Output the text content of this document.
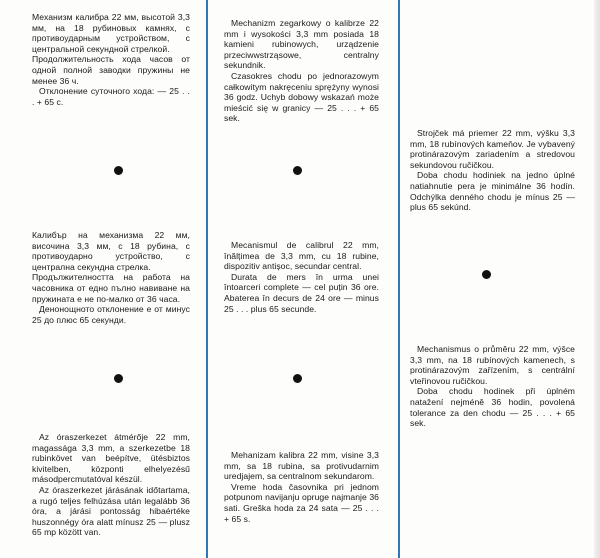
Механизм калибра 22 мм, высотой 3,3 мм, на 18 рубиновых камнях, с противоударным устройством, с центральной секундной стрелкой.

Продолжительность хода часов от одной полной заводки пружины не менее 36 ч.

Отклонение суточного хода: — 25 . . . + 65 с.

Калибър на механизма 22 мм, височина 3,3 мм, с 18 рубина, с противоударно устройство, с централна секундна стрелка.

Продължителността на работа на часовника от едно пълно навиване на пружината е не по-малко от 36 часа.

Денонощното отклонение е от минус 25 до плюс 65 секунди.

Az óraszerkezet átmérője 22 mm, magassága 3,3 mm, a szerkezetbe 18 rubinkövet van beépítve, ütésbiztos kivitelben, központi elhelyezésű másodpercmutatóval készül.

Az óraszerkezet járásának időtartama, a rugó teljes felhúzása után legalább 36 óra, a járási pontosság hibaértéke huszonnégy óra alatt mínusz 25 — plusz 65 mp között van.

Mechanizm zegarkowy o kalibrze 22 mm i wysokości 3,3 mm posiada 18 kamieni rubinowych, urządzenie przeciwwstrząsowe, centralny sekundnik.

Czasokres chodu po jednorazowym całkowitym nakręceniu sprężyny wynosi 36 godz. Uchyb dobowy wskazań może mieścić się w granicy — 25 . . . + 65 sek.

Mecanismul de calibrul 22 mm, înălțimea de 3,3 mm, cu 18 rubine, dispozitiv antișoc, secundar central.

Durata de mers în urma unei întoarceri complete — cel puțin 36 ore. Abaterea în decurs de 24 ore — minus 25 . . . plus 65 secunde.

Mehanizam kalibra 22 mm, visine 3,3 mm, sa 18 rubina, sa protivudarnim uredjajem, sa centralnom sekundarom.

Vreme hoda časovnika pri jednom potpunom navijanju opruge najmanje 36 sati. Greška hoda za 24 sata — 25 . . . + 65 s.

Strojček má priemer 22 mm, výšku 3,3 mm, 18 rubínových kameňov. Je vybavený protinárazovým zariadením a stredovou sekundovou ručičkou.

Doba chodu hodiniek na jedno úplné natiahnutie pera je minimálne 36 hodín. Odchýlka denného chodu je mínus 25 — plus 65 sekúnd.

Mechanismus o průměru 22 mm, výšce 3,3 mm, na 18 rubínových kamenech, s protinárazovým zařízením, s centrální vteřinovou ručičkou.

Doba chodu hodinek při úplném natažení nejméně 36 hodin, povolená tolerance za den chodu — 25 . . . + 65 sek.
